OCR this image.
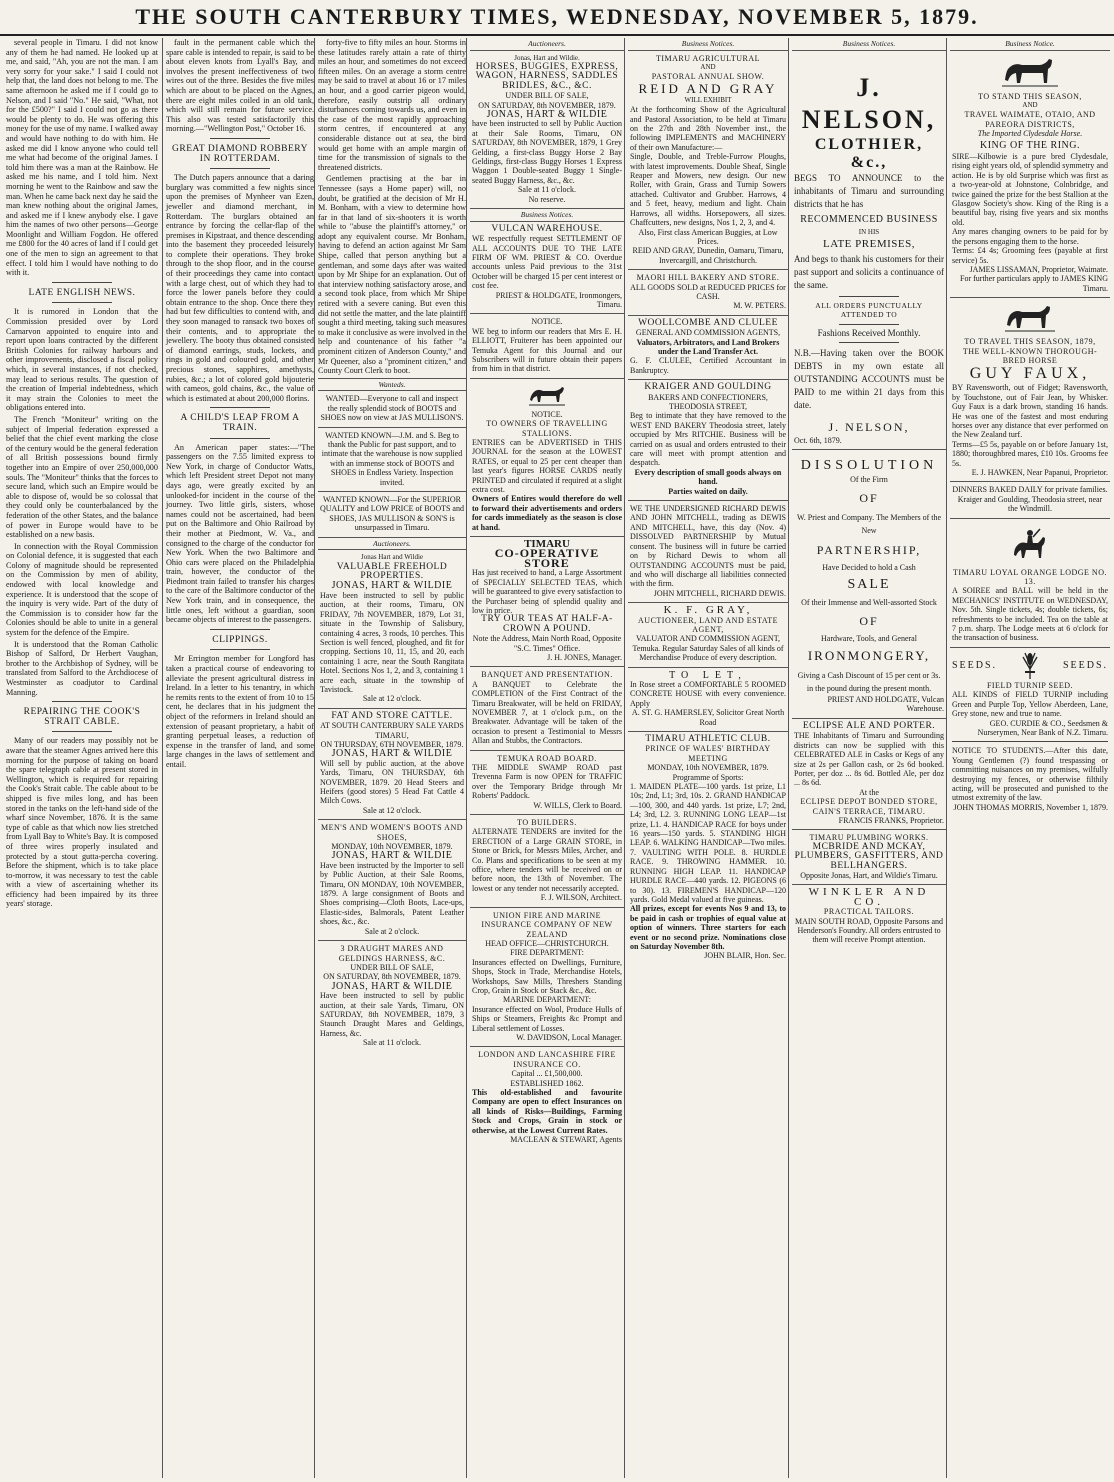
THE SOUTH CANTERBURY TIMES, WEDNESDAY, NOVEMBER 5, 1879.

several people in Timaru. I did not know any of them he had named. He looked up at me, and said, "Ah, you are not the man. I am very sorry for your sake." I said I could not help that, the land does not belong to me. The same afternoon he asked me if I could go to Nelson, and I said "No." He said, "What, not for the £500?" I said I could not go as there would be plenty to do. He was offering this money for the use of my name. I walked away and would have nothing to do with him. He asked me did I know anyone who could tell me what had become of the original James. I told him there was a man at the Rainbow. He asked me his name, and I told him. Next morning he went to the Rainbow and saw the man. When he came back next day he said the man knew nothing about the original James, and asked me if I knew anybody else. I gave him the names of two other persons—George Moonlight and William Fogdon. He offered me £800 for the 40 acres of land if I could get one of the men to sign an agreement to that effect. I told him I would have nothing to do with it.

LATE ENGLISH NEWS.

It is rumored in London that the Commission presided over by Lord Carnarvon appointed to enquire into and report upon loans contracted by the different British Colonies for railway harbours and other improvements, disclosed a fiscal policy which, in several instances, if not checked, may lead to serious results. The question of the creation of Imperial indebtedness, which it may strain the Colonies to meet the obligations entered into.

The French "Moniteur" writing on the subject of Imperial federation expressed a belief that the chief event marking the close of the century would be the general federation of all British possessions bound firmly together into an Empire of over 250,000,000 souls. The "Moniteur" thinks that the forces to secure land, which such an Empire would be able to dispose of, would be so colossal that they could only be counterbalanced by the federation of the other States, and the balance of power in Europe would have to be established on a new basis.

In connection with the Royal Commission on Colonial defence, it is suggested that each Colony of magnitude should be represented on the Commission by men of ability, endowed with local knowledge and experience. It is understood that the scope of the inquiry is very wide. Part of the duty of the Commission is to consider how far the Colonies should be able to unite in a general system for the defence of the Empire.

It is understood that the Roman Catholic Bishop of Salford, Dr Herbert Vaughan, brother to the Archbishop of Sydney, will be translated from Salford to the Archdiocese of Westminster as coadjutor to Cardinal Manning.

REPAIRING THE COOK'S STRAIT CABLE.

Many of our readers may possibly not be aware that the steamer Agnes arrived here this morning for the purpose of taking on board the spare telegraph cable at present stored in Wellington, which is required for repairing the Cook's Strait cable. The cable about to be shipped is five miles long, and has been stored in the tanks on the left-hand side of the wharf since November, 1876. It is the same type of cable as that which now lies stretched from Lyall Bay to White's Bay. It is composed of three wires properly insulated and protected by a stout gutta-percha covering. Before the shipment, which is to take place to-morrow, it was necessary to test the cable with a view of ascertaining whether its efficiency had been impaired by its three years' storage.

fault in the permanent cable which the spare cable is intended to repair, is said to be about eleven knots from Lyall's Bay, and involves the present ineffectiveness of two wires out of the three. Besides the five miles which are about to be placed on the Agnes, there are eight miles coiled in an old tank, which will still remain for future service. This also was tested satisfactorily this morning.—"Wellington Post," October 16.

GREAT DIAMOND ROBBERY IN ROTTERDAM.

The Dutch papers announce that a daring burglary was committed a few nights since upon the premises of Mynheer van Ezen, jeweller and diamond merchant, in Rotterdam. The burglars obtained an entrance by forcing the cellar-flap of the premises in Kipstraat, and thence descending into the basement they proceeded leisurely to complete their operations. They broke through to the shop floor, and in the course of their proceedings they came into contact with a large chest, out of which they had to force the lower panels before they could obtain entrance to the shop. Once there they had but few difficulties to contend with, and they soon managed to ransack two boxes of their contents, and to appropriate the jewellery. The booty thus obtained consisted of diamond earrings, studs, lockets, and rings in gold and coloured gold, and other precious stones, sapphires, amethysts, rubies, &c.; a lot of colored gold bijouterie with cameos, gold chains, &c., the value of which is estimated at about 200,000 florins.

A CHILD'S LEAP FROM A TRAIN.

An American paper states:—"The passengers on the 7.55 limited express to New York, in charge of Conductor Watts, which left President street Depot not many days ago, were greatly excited by an unlooked-for incident in the course of the journey. Two little girls, sisters, whose names could not be ascertained, had been put on the Baltimore and Ohio Railroad by their mother at Piedmont, W. Va., and consigned to the charge of the conductor for New York. When the two Baltimore and Ohio cars were placed on the Philadelphia train, however, the conductor of the Piedmont train failed to transfer his charges to the care of the Baltimore conductor of the New York train, and in consequence, the little ones, left without a guardian, soon became objects of interest to the passengers.

CLIPPINGS.

Mr Errington member for Longford has taken a practical course of endeavoring to alleviate the present agricultural distress in Ireland. In a letter to his tenantry, in which he remits rents to the extent of from 10 to 15 cent, he declares that in his judgment the object of the reformers in Ireland should an extension of peasant proprietary, a habit of granting perpetual leases, a reduction of expense in the transfer of land, and some large changes in the laws of settlement and entail.

forty-five to fifty miles an hour. Storms in these latitudes rarely attain a rate of thirty miles an hour, and sometimes do not exceed fifteen miles. On an average a storm centre may be said to travel at about 16 or 17 miles an hour, and a good carrier pigeon would, therefore, easily outstrip all ordinary disturbances coming towards us, and even in the case of the most rapidly approaching storm centres, if encountered at any considerable distance out at sea, the bird would get home with an ample margin of time for the transmission of signals to the threatened districts.

Gentlemen practising at the bar in Tennessee (says a Home paper) will, no doubt, be gratified at the decision of Mr H. M. Bonham, with a view to determine how far in that land of six-shooters it is worth while to "abuse the plaintiff's attorney," or adopt any equivalent course. Mr Bonham, having to defend an action against Mr Sam Shipe, called that person anything but a gentleman, and some days after was waited upon by Mr Shipe for an explanation. Out of that interview nothing satisfactory arose, and a second took place, from which Mr Shipe retired with a severe caning. But even this did not settle the matter, and the late plaintiff sought a third meeting, taking such measures to make it conclusive as were involved in the help and countenance of his father "a prominent citizen of Anderson County," and Mr Queener, also a "prominent citizen," and County Court Clerk to boot.

Wanteds.
WANTED—Everyone to call and inspect the really splendid stock of BOOTS and SHOES now on view at JAS MULLISON'S.
WANTED KNOWN—J.M. and S. Beg to thank the Public for past support, and to intimate that the warehouse is now supplied with an immense stock of BOOTS and SHOES in Endless Variety. Inspection invited.
WANTED KNOWN—For the SUPERIOR QUALITY and LOW PRICE of BOOTS and SHOES, JAS MULLISON & SON'S is unsurpassed in Timaru.
Auctioneers.
Jonas Hart and Wildie
VALUABLE FREEHOLD PROPERTIES.
JONAS, HART & WILDIE
Have been instructed to sell by public auction, at their rooms, Timaru, ON FRIDAY, 7th NOVEMBER, 1879, Lot 31, situate in the Township of Salisbury, containing 4 acres, 3 roods, 10 perches. This Section is well fenced, ploughed, and fit for cropping. Sections 10, 11, 15, and 20, each containing 1 acre, near the South Rangitata Hotel. Sections Nos 1, 2, and 3, containing 1 acre each, situate in the township of Tavistock.
Sale at 12 o'clock.
FAT AND STORE CATTLE.
AT SOUTH CANTERBURY SALE YARDS TIMARU,
ON THURSDAY, 6TH NOVEMBER, 1879.
JONAS, HART & WILDIE
Will sell by public auction, at the above Yards, Timaru, ON THURSDAY, 6th NOVEMBER, 1879. 20 Head Steers and Heifers (good stores) 5 Head Fat Cattle 4 Milch Cows.
Sale at 12 o'clock.
MEN'S AND WOMEN'S BOOTS AND SHOES,
MONDAY, 10th NOVEMBER, 1879.
JONAS, HART & WILDIE
Have been instructed by the Importer to sell by Public Auction, at their Sale Rooms, Timaru, ON MONDAY, 10th NOVEMBER, 1879. A large consignment of Boots and Shoes comprising—Cloth Boots, Lace-ups, Elastic-sides, Balmorals, Patent Leather shoes, &c., &c.
Sale at 2 o'clock.
3 DRAUGHT MARES AND GELDINGS HARNESS, &C.
UNDER BILL OF SALE,
ON SATURDAY, 8th NOVEMBER, 1879.
JONAS, HART & WILDIE
Have been instructed to sell by public auction, at their sale Yards, Timaru, ON SATURDAY, 8th NOVEMBER, 1879, 3 Staunch Draught Mares and Geldings, Harness, &c.
Sale at 11 o'clock.
Auctioneers.
Jonas, Hart and Wildie.
HORSES, BUGGIES, EXPRESS, WAGON, HARNESS, SADDLES BRIDLES, &C., &C.
UNDER BILL OF SALE,
ON SATURDAY, 8th NOVEMBER, 1879.
JONAS, HART & WILDIE
have been instructed to sell by Public Auction at their Sale Rooms, Timaru, ON SATURDAY, 8th NOVEMBER, 1879, 1 Grey Gelding, a first-class Buggy Horse 2 Bay Geldings, first-class Buggy Horses 1 Express Waggon 1 Double-seated Buggy 1 Single-seated Buggy Harness, &c., &c.
Sale at 11 o'clock.
No reserve.
Business Notices.
VULCAN WAREHOUSE.
WE respectfully request SETTLEMENT OF ALL ACCOUNTS DUE TO THE LATE FIRM OF WM. PRIEST & CO. Overdue accounts unless Paid previous to the 31st October will be charged 15 per cent interest or cost fee.
PRIEST & HOLDGATE, Ironmongers, Timaru.
NOTICE.
WE beg to inform our readers that Mrs E. H. ELLIOTT, Fruiterer has been appointed our Temuka Agent for this Journal and our Subscribers will in future obtain their papers from him in that district.
NOTICE.
TO OWNERS OF TRAVELLING STALLIONS.
ENTRIES can be ADVERTISED in THIS JOURNAL for the season at the LOWEST RATES, or equal to 25 per cent cheaper than last year's figures HORSE CARDS neatly PRINTED and circulated if required at a slight extra cost.
Owners of Entires would therefore do well to forward their advertisements and orders for cards immediately as the season is close at hand.
TIMARU
CO-OPERATIVE STORE
Has just received to hand, a Large Assortment of SPECIALLY SELECTED TEAS, which will be guaranteed to give every satisfaction to the Purchaser being of splendid quality and low in price.
TRY OUR TEAS AT HALF-A-CROWN A POUND.
Note the Address, Main North Road, Opposite "S.C. Times" Office.
J. H. JONES, Manager.
BANQUET AND PRESENTATION.
A BANQUET to Celebrate the COMPLETION of the First Contract of the Timaru Breakwater, will be held on FRIDAY, NOVEMBER 7, at 1 o'clock p.m., on the Breakwater. Advantage will be taken of the occasion to present a Testimonial to Messrs Allan and Stubbs, the Contractors.
TEMUKA ROAD BOARD.
THE MIDDLE SWAMP ROAD past Trevenna Farm is now OPEN for TRAFFIC over the Temporary Bridge through Mr Roberts' Paddock.
W. WILLS, Clerk to Board.
TO BUILDERS.
ALTERNATE TENDERS are invited for the ERECTION of a Large GRAIN STORE, in Stone or Brick, for Messrs Miles, Archer, and Co. Plans and specifications to be seen at my office, where tenders will be received on or before noon, the 13th of November. The lowest or any tender not necessarily accepted.
F. J. WILSON, Architect.
UNION FIRE AND MARINE INSURANCE COMPANY OF NEW ZEALAND
HEAD OFFICE—CHRISTCHURCH.
FIRE DEPARTMENT:
Insurances effected on Dwellings, Furniture, Shops, Stock in Trade, Merchandise Hotels, Workshops, Saw Mills, Threshers Standing Crop, Grain in Stock or Stack &c., &c.
MARINE DEPARTMENT:
Insurance effected on Wool, Produce Hulls of Ships or Steamers, Freights &c Prompt and Liberal settlement of Losses.
W. DAVIDSON, Local Manager.
LONDON AND LANCASHIRE FIRE INSURANCE CO.
Capital ... £1,500,000.
ESTABLISHED 1862.
This old-established and favourite Company are open to effect Insurances on all kinds of Risks—Buildings, Farming Stock and Crops, Grain in stock or otherwise, at the Lowest Current Rates.
MACLEAN & STEWART, Agents
Business Notices.
TIMARU AGRICULTURAL
AND
PASTORAL ANNUAL SHOW.
REID AND GRAY
WILL EXHIBIT
At the forthcoming Show of the Agricultural and Pastoral Association, to be held at Timaru on the 27th and 28th November inst., the following IMPLEMENTS and MACHINERY of their own Manufacture:—
Single, Double, and Treble-Furrow Ploughs, with latest improvements. Double Sheaf, Single Reaper and Mowers, new design. Our new Roller, with Grain, Grass and Turnip Sowers attached. Cultivator and Grubber. Harrows, 4 and 5 feet, heavy, medium and light. Chain Harrows, all widths. Horsepowers, all sizes. Chaffcutters, new designs, Nos 1, 2, 3, and 4.
Also, First class American Buggies, at Low Prices.
REID AND GRAY, Dunedin, Oamaru, Timaru, Invercargill, and Christchurch.
MAORI HILL BAKERY AND STORE.
ALL GOODS SOLD at REDUCED PRICES for CASH.
M. W. PETERS.
WOOLLCOMBE AND CLULEE
GENERAL AND COMMISSION AGENTS,
Valuators, Arbitrators, and Land Brokers under the Land Transfer Act.
G. F. CLULEE, Certified Accountant in Bankruptcy.
KRAIGER AND GOULDING
BAKERS AND CONFECTIONERS,
THEODOSIA STREET,
Beg to intimate that they have removed to the WEST END BAKERY Theodosia street, lately occupied by Mrs RITCHIE. Business will be carried on as usual and orders entrusted to their care will meet with prompt attention and despatch.
Every description of small goods always on hand.
Parties waited on daily.
WE THE UNDERSIGNED RICHARD DEWIS AND JOHN MITCHELL, trading as DEWIS AND MITCHELL, have, this day (Nov. 4) DISSOLVED PARTNERSHIP by Mutual consent. The business will in future be carried on by Richard Dewis to whom all OUTSTANDING ACCOUNTS must be paid, and who will discharge all liabilities connected with the firm.
JOHN MITCHELL, RICHARD DEWIS.
K. F. GRAY,
AUCTIONEER, LAND AND ESTATE AGENT,
VALUATOR AND COMMISSION AGENT, Temuka. Regular Saturday Sales of all kinds of Merchandise Produce of every description.
TO LET,
In Rose street a COMFORTABLE 5 ROOMED CONCRETE HOUSE with every convenience. Apply
A. ST. G. HAMERSLEY, Solicitor Great North Road
TIMARU ATHLETIC CLUB.
PRINCE OF WALES' BIRTHDAY MEETING
MONDAY, 10th NOVEMBER, 1879.
Programme of Sports:
1. MAIDEN PLATE—100 yards. 1st prize, L1 10s; 2nd, L1; 3rd, 10s. 2. GRAND HANDICAP—100, 300, and 440 yards. 1st prize, L7; 2nd, L4; 3rd, L2. 3. RUNNING LONG LEAP—1st prize, L1. 4. HANDICAP RACE for boys under 16 years—150 yards. 5. STANDING HIGH LEAP. 6. WALKING HANDICAP—Two miles. 7. VAULTING WITH POLE. 8. HURDLE RACE. 9. THROWING HAMMER. 10. RUNNING HIGH LEAP. 11. HANDICAP HURDLE RACE—440 yards. 12. PIGEONS (6 to 30). 13. FIREMEN'S HANDICAP—120 yards. Gold Medal valued at five guineas.
All prizes, except for events Nos 9 and 13, to be paid in cash or trophies of equal value at option of winners. Three starters for each event or no second prize. Nominations close on Saturday November 8th.
JOHN BLAIR, Hon. Sec.
Business Notices.
J. NELSON,
CLOTHIER, &c.,
BEGS TO ANNOUNCE to the inhabitants of Timaru and surrounding districts that he has
RECOMMENCED BUSINESS
IN HIS
LATE PREMISES,
And begs to thank his customers for their past support and solicits a continuance of the same.
ALL ORDERS PUNCTUALLY ATTENDED TO
Fashions Received Monthly.
N.B.—Having taken over the BOOK DEBTS in my own estate all OUTSTANDING ACCOUNTS must be PAID to me within 21 days from this date.
J. NELSON,
Oct. 6th, 1879.
DISSOLUTION
Of the Firm
OF
W. Priest and Company. The Members of the New
PARTNERSHIP,
Have Decided to hold a Cash
SALE
Of their Immense and Well-assorted Stock
OF
Hardware, Tools, and General
IRONMONGERY,
Giving a Cash Discount of 15 per cent or 3s. in the pound during the present month.
PRIEST AND HOLDGATE, Vulcan Warehouse.
ECLIPSE ALE AND PORTER.
THE Inhabitants of Timaru and Surrounding districts can now be supplied with this CELEBRATED ALE in Casks or Kegs of any size at 2s per Gallon cash, or 2s 6d booked. Porter, per doz ... 8s 6d. Bottled Ale, per doz ... 8s 6d.
At the
ECLIPSE DEPOT BONDED STORE, CAIN'S TERRACE, TIMARU.
FRANCIS FRANKS, Proprietor.
TIMARU PLUMBING WORKS.
MCBRIDE AND MCKAY, PLUMBERS, GASFITTERS, AND BELLHANGERS.
Opposite Jonas, Hart, and Wildie's Timaru.
WINKLER AND CO.
PRACTICAL TAILORS.
MAIN SOUTH ROAD, Opposite Parsons and Henderson's Foundry. All orders entrusted to them will receive Prompt attention.
Business Notice.
TO STAND THIS SEASON,
AND
TRAVEL WAIMATE, OTAIO, AND PAREORA DISTRICTS,
The Imported Clydesdale Horse.
KING OF THE RING.
SIRE—Kilbowie is a pure bred Clydesdale, rising eight years old, of splendid symmetry and action. He is by old Surprise which was first as a two-year-old at Johnstone, Colnbridge, and twice gained the prize for the best Stallion at the Glasgow Society's show. King of the Ring is a beautiful bay, rising five years and six months old.
Any mares changing owners to be paid for by the persons engaging them to the horse.
Terms: £4 4s; Grooming fees (payable at first service) 5s.
JAMES LISSAMAN, Proprietor, Waimate.
For further particulars apply to JAMES KING Timaru.
TO TRAVEL THIS SEASON, 1879,
THE WELL-KNOWN THOROUGH-BRED HORSE
GUY FAUX,
BY Ravensworth, out of Fidget; Ravensworth, by Touchstone, out of Fair Jean, by Whisker. Guy Faux is a dark brown, standing 16 hands. He was one of the fastest and most enduring horses over any distance that ever performed on the New Zealand turf.
Terms—£5 5s, payable on or before January 1st, 1880; thoroughbred mares, £10 10s. Grooms fee 5s.
E. J. HAWKEN, Near Papanui, Proprietor.
DINNERS BAKED DAILY for private families. Kraiger and Goulding, Theodosia street, near the Windmill.
TIMARU LOYAL ORANGE LODGE NO. 13.
A SOIREE and BALL will be held in the MECHANICS' INSTITUTE on WEDNESDAY, Nov. 5th. Single tickets, 4s; double tickets, 6s; refreshments to be included. Tea on the table at 7 p.m. sharp. The Lodge meets at 6 o'clock for the transaction of business.
SEEDS.	SEEDS.
FIELD TURNIP SEED.
ALL KINDS of FIELD TURNIP including Green and Purple Top, Yellow Aberdeen, Lane, Grey stone, new and true to name.
GEO. CURDIE & CO., Seedsmen & Nurserymen, Near Bank of N.Z. Timaru.
NOTICE TO STUDENTS.—After this date, Young Gentlemen (?) found trespassing or committing nuisances on my premises, wilfully destroying my fences, or otherwise filthily acting, will be prosecuted and punished to the utmost extremity of the law.
JOHN THOMAS MORRIS, November 1, 1879.
